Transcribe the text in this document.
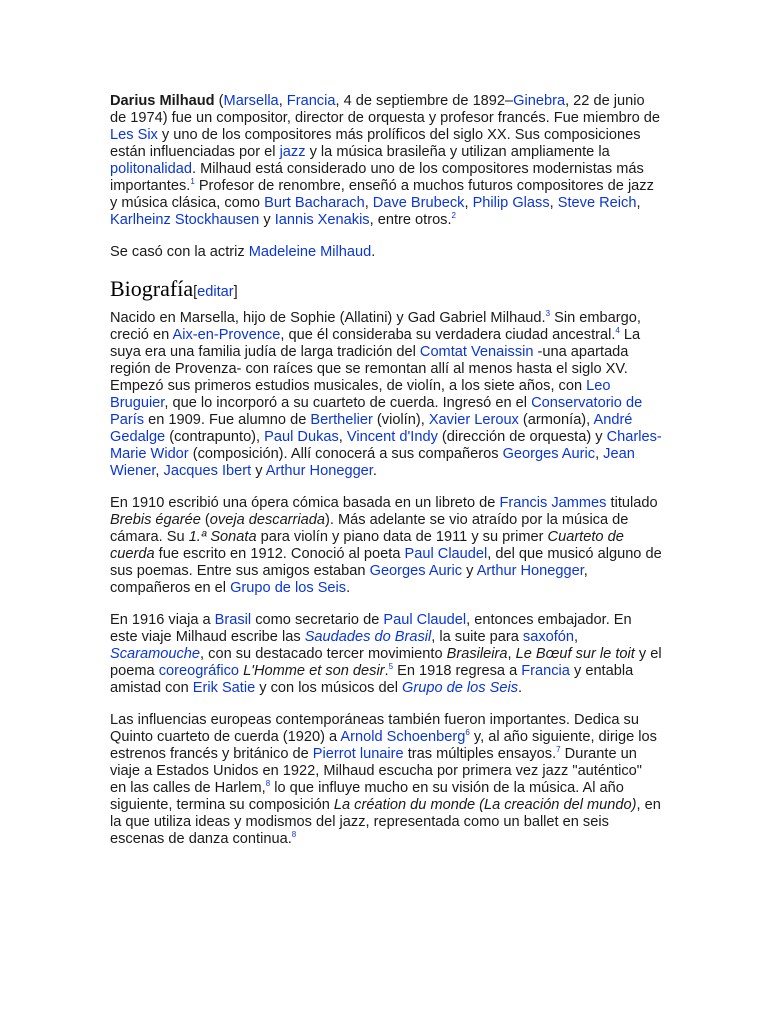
Darius Milhaud (Marsella, Francia, 4 de septiembre de 1892–Ginebra, 22 de junio de 1974) fue un compositor, director de orquesta y profesor francés. Fue miembro de Les Six y uno de los compositores más prolíficos del siglo XX. Sus composiciones están influenciadas por el jazz y la música brasileña y utilizan ampliamente la politonalidad. Milhaud está considerado uno de los compositores modernistas más importantes.$^1$ Profesor de renombre, enseñó a muchos futuros compositores de jazz y música clásica, como Burt Bacharach, Dave Brubeck, Philip Glass, Steve Reich, Karlheinz Stockhausen y Iannis Xenakis, entre otros.$^2$

Se casó con la actriz Madeleine Milhaud.

Biografía[editar]

Nacido en Marsella, hijo de Sophie (Allatini) y Gad Gabriel Milhaud.$^3$ Sin embargo, creció en Aix-en-Provence, que él consideraba su verdadera ciudad ancestral.$^4$ La suya era una familia judía de larga tradición del Comtat Venaissin -una apartada región de Provenza- con raíces que se remontan allí al menos hasta el siglo XV. Empezó sus primeros estudios musicales, de violín, a los siete años, con Leo Bruguier, que lo incorporó a su cuarteto de cuerda. Ingresó en el Conservatorio de París en 1909. Fue alumno de Berthelier (violín), Xavier Leroux (armonía), André Gedalge (contrapunto), Paul Dukas, Vincent d'Indy (dirección de orquesta) y Charles-Marie Widor (composición). Allí conocerá a sus compañeros Georges Auric, Jean Wiener, Jacques Ibert y Arthur Honegger.

En 1910 escribió una ópera cómica basada en un libreto de Francis Jammes titulado Brebis égarée (oveja descarriada). Más adelante se vio atraído por la música de cámara. Su 1.ª Sonata para violín y piano data de 1911 y su primer Cuarteto de cuerda fue escrito en 1912. Conoció al poeta Paul Claudel, del que musicó alguno de sus poemas. Entre sus amigos estaban Georges Auric y Arthur Honegger, compañeros en el Grupo de los Seis.

En 1916 viaja a Brasil como secretario de Paul Claudel, entonces embajador. En este viaje Milhaud escribe las Saudades do Brasil, la suite para saxofón, Scaramouche, con su destacado tercer movimiento Brasileira, Le Bœuf sur le toit y el poema coreográfico L'Homme et son desir.$^5$ En 1918 regresa a Francia y entabla amistad con Erik Satie y con los músicos del Grupo de los Seis.

Las influencias europeas contemporáneas también fueron importantes. Dedica su Quinto cuarteto de cuerda (1920) a Arnold Schoenberg$^6$ y, al año siguiente, dirige los estrenos francés y británico de Pierrot lunaire tras múltiples ensayos.$^7$ Durante un viaje a Estados Unidos en 1922, Milhaud escucha por primera vez jazz "auténtico" en las calles de Harlem,$^8$ lo que influye mucho en su visión de la música. Al año siguiente, termina su composición La création du monde (La creación del mundo), en la que utiliza ideas y modismos del jazz, representada como un ballet en seis escenas de danza continua.$^8$
